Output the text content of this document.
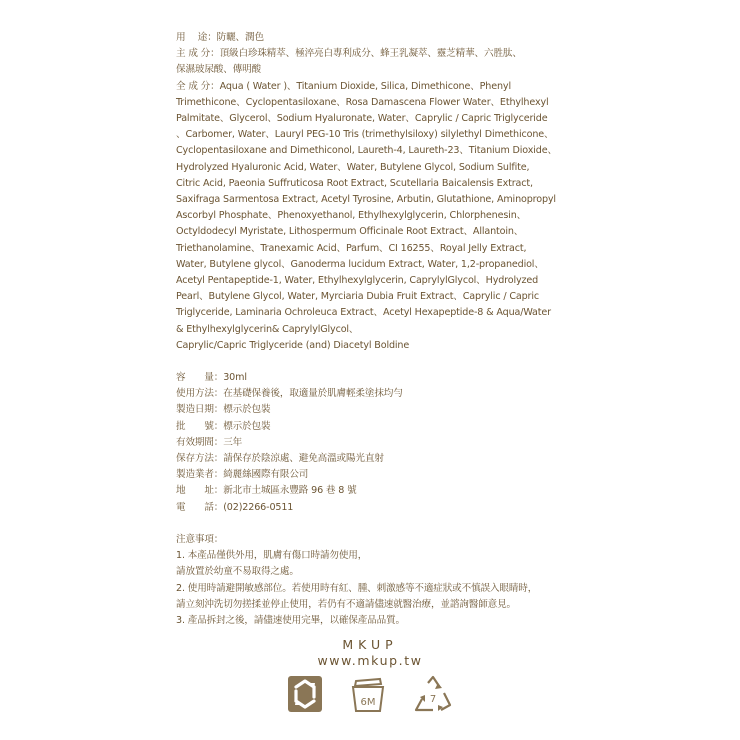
用　 途：防曬、潤色

主 成 分：頂級白珍珠精萃、極淬亮白專利成分、蜂王乳凝萃、靈芝精華、六胜肽、

保濕玻尿酸、傳明酸

全 成 分：Aqua ( Water )、Titanium Dioxide, Silica, Dimethicone、Phenyl

Trimethicone、Cyclopentasiloxane、Rosa Damascena Flower Water、Ethylhexyl

Palmitate、Glycerol、Sodium Hyaluronate, Water、Caprylic / Capric Triglyceride

、Carbomer, Water、Lauryl PEG-10 Tris (trimethylsiloxy) silylethyl Dimethicone、

Cyclopentasiloxane and Dimethiconol, Laureth-4, Laureth-23、Titanium Dioxide、

Hydrolyzed Hyaluronic Acid, Water、Water, Butylene Glycol, Sodium Sulfite,

Citric Acid, Paeonia Suffruticosa Root Extract, Scutellaria Baicalensis Extract,

Saxifraga Sarmentosa Extract, Acetyl Tyrosine, Arbutin, Glutathione, Aminopropyl

Ascorbyl Phosphate、Phenoxyethanol, Ethylhexylglycerin, Chlorphenesin、

Octyldodecyl Myristate, Lithospermum Officinale Root Extract、Allantoin、

Triethanolamine、Tranexamic Acid、Parfum、CI 16255、Royal Jelly Extract,

Water, Butylene glycol、Ganoderma lucidum Extract, Water, 1,2-propanediol、

Acetyl Pentapeptide-1, Water, Ethylhexylglycerin, CaprylylGlycol、Hydrolyzed

Pearl、Butylene Glycol, Water, Myrciaria Dubia Fruit Extract、Caprylic / Capric

Triglyceride, Laminaria Ochroleuca Extract、Acetyl Hexapeptide-8 & Aqua/Water

& Ethylhexylglycerin& CaprylylGlycol、

Caprylic/Capric Triglyceride (and) Diacetyl Boldine

容　　量：30ml

使用方法：在基礎保養後，取適量於肌膚輕柔塗抹均勻

製造日期：標示於包裝

批　　號：標示於包裝

有效期間：三年

保存方法：請保存於陰涼處、避免高溫或陽光直射

製造業者：綺麗絲國際有限公司

地　　址：新北市土城區永豐路 96 巷 8 號

電　　話：(02)2266-0511

注意事項：

1. 本產品僅供外用，肌膚有傷口時請勿使用，

請放置於幼童不易取得之處。

2. 使用時請避開敏感部位。若使用時有紅、腫、刺激感等不適症狀或不慎誤入眼睛時，

請立刻沖洗切勿搓揉並停止使用，若仍有不適請儘速就醫治療，並諮詢醫師意見。

3. 產品拆封之後，請儘速使用完畢，以確保產品品質。

MKUP
www.mkup.tw
6M	7
